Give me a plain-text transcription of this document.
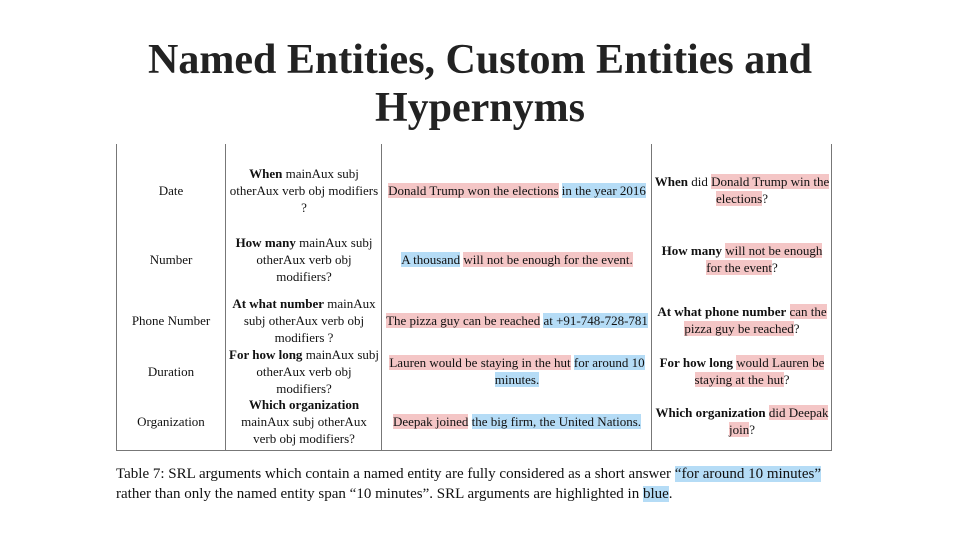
Named Entities, Custom Entities and
Hypernyms
Date
When mainAux subj otherAux verb obj modifiers ?
Donald Trump won the elections in the year 2016
When did Donald Trump win the elections?
Number
How many mainAux subj otherAux verb obj modifiers?
A thousand will not be enough for the event.
How many will not be enough for the event?
Phone Number
At what number mainAux subj otherAux verb obj modifiers ?
The pizza guy can be reached at +91-748-728-781
At what phone number can the pizza guy be reached?
Duration
For how long mainAux subj otherAux verb obj modifiers?
Lauren would be staying in the hut for around 10 minutes.
For how long would Lauren be staying at the hut?
Organization
Which organization mainAux subj otherAux verb obj modifiers?
Deepak joined the big firm, the United Nations.
Which organization did Deepak join?
Table 7: SRL arguments which contain a named entity are fully considered as a short answer “for around 10 minutes” rather than only the named entity span “10 minutes”. SRL arguments are highlighted in blue.
